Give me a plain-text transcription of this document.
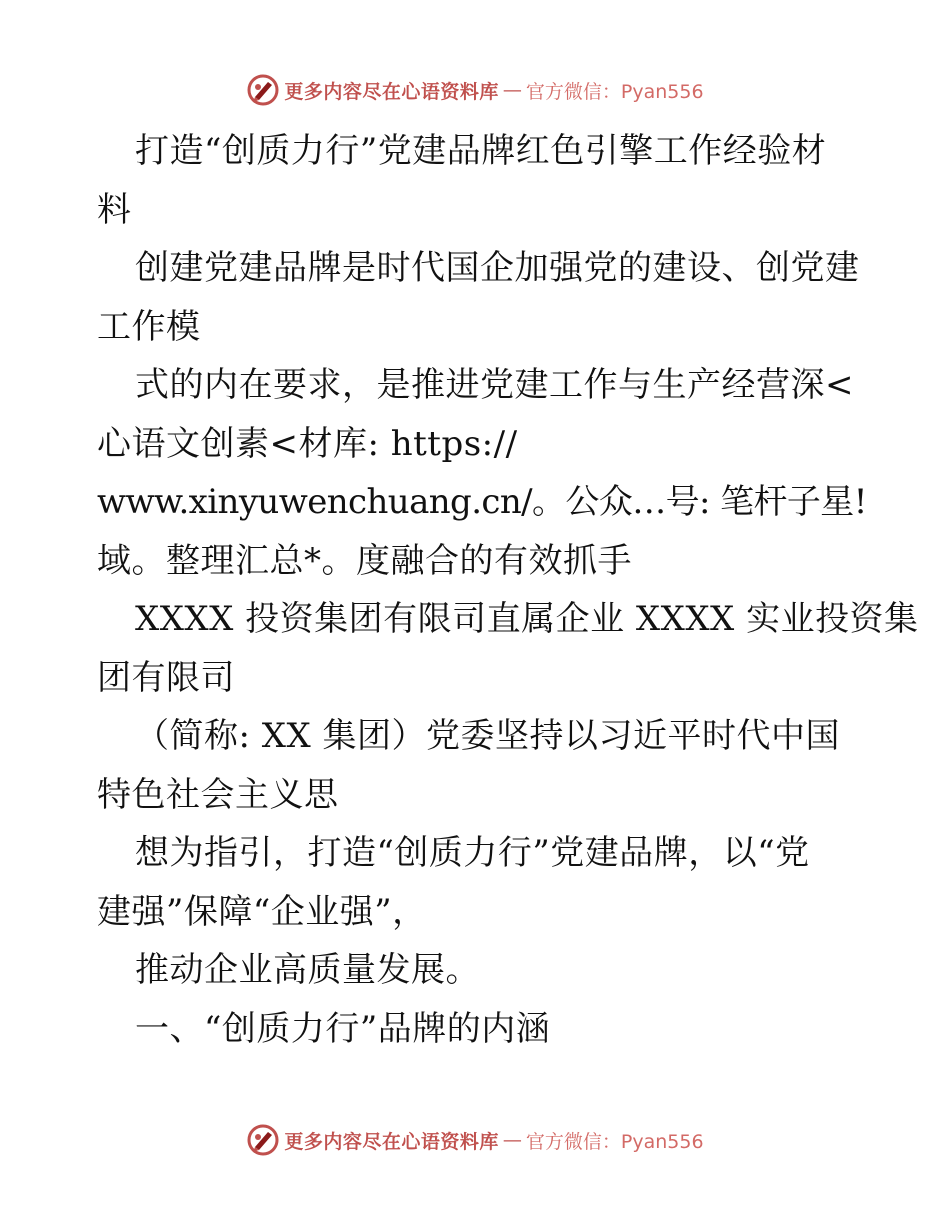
更多内容尽在心语资料库 — 官方微信：Pyan556
打造“创质力行”党建品牌红色引擎工作经验材
料
创建党建品牌是时代国企加强党的建设、创党建
工作模
式的内在要求，是推进党建工作与生产经营深<
心语文创素<材库: https://
www.xinyuwenchuang.cn/。公众…号: 笔杆子星!
域。整理汇总*。度融合的有效抓手
XXXX 投资集团有限司直属企业 XXXX 实业投资集
团有限司
（简称: XX 集团）党委坚持以习近平时代中国
特色社会主义思
想为指引，打造“创质力行”党建品牌，以“党
建强”保障“企业强”，
推动企业高质量发展。
一、“创质力行”品牌的内涵
更多内容尽在心语资料库 — 官方微信：Pyan556
